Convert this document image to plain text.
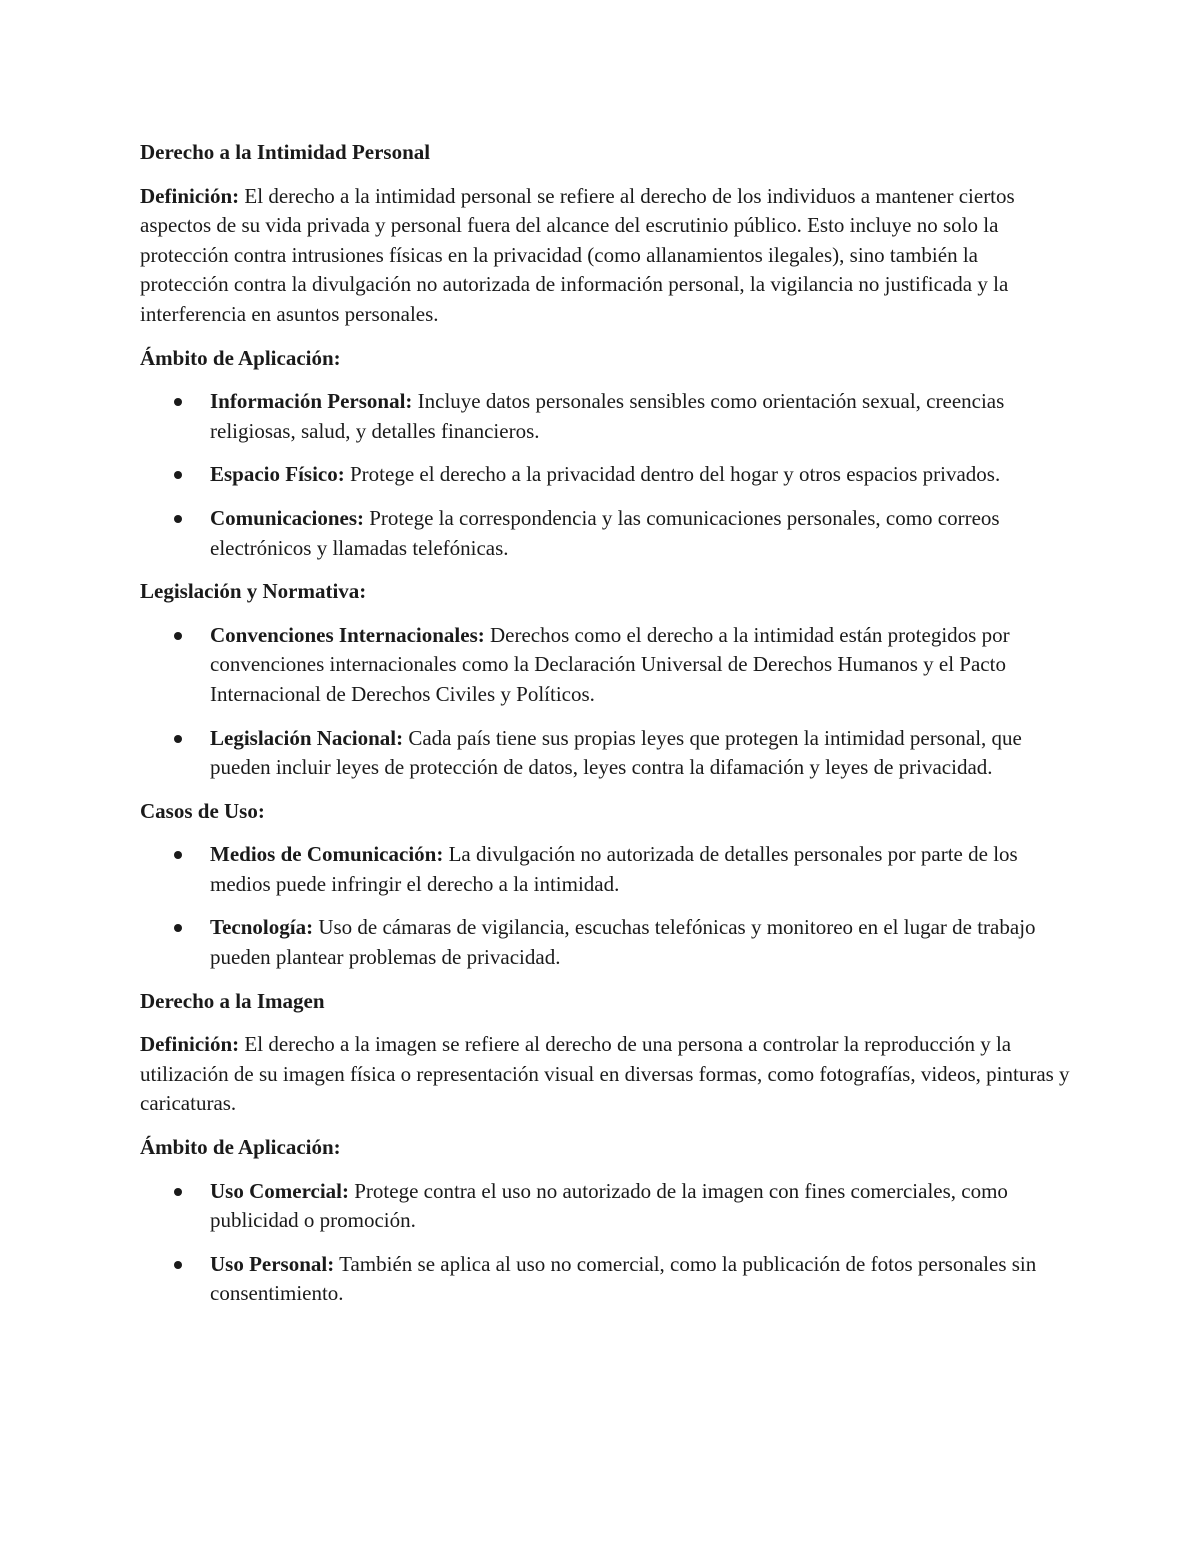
Derecho a la Intimidad Personal

Definición: El derecho a la intimidad personal se refiere al derecho de los individuos a mantener ciertos aspectos de su vida privada y personal fuera del alcance del escrutinio público. Esto incluye no solo la protección contra intrusiones físicas en la privacidad (como allanamientos ilegales), sino también la protección contra la divulgación no autorizada de información personal, la vigilancia no justificada y la interferencia en asuntos personales.

Ámbito de Aplicación:

Información Personal: Incluye datos personales sensibles como orientación sexual, creencias religiosas, salud, y detalles financieros.
Espacio Físico: Protege el derecho a la privacidad dentro del hogar y otros espacios privados.
Comunicaciones: Protege la correspondencia y las comunicaciones personales, como correos electrónicos y llamadas telefónicas.

Legislación y Normativa:

Convenciones Internacionales: Derechos como el derecho a la intimidad están protegidos por convenciones internacionales como la Declaración Universal de Derechos Humanos y el Pacto Internacional de Derechos Civiles y Políticos.
Legislación Nacional: Cada país tiene sus propias leyes que protegen la intimidad personal, que pueden incluir leyes de protección de datos, leyes contra la difamación y leyes de privacidad.

Casos de Uso:

Medios de Comunicación: La divulgación no autorizada de detalles personales por parte de los medios puede infringir el derecho a la intimidad.
Tecnología: Uso de cámaras de vigilancia, escuchas telefónicas y monitoreo en el lugar de trabajo pueden plantear problemas de privacidad.

Derecho a la Imagen

Definición: El derecho a la imagen se refiere al derecho de una persona a controlar la reproducción y la utilización de su imagen física o representación visual en diversas formas, como fotografías, videos, pinturas y caricaturas.

Ámbito de Aplicación:

Uso Comercial: Protege contra el uso no autorizado de la imagen con fines comerciales, como publicidad o promoción.
Uso Personal: También se aplica al uso no comercial, como la publicación de fotos personales sin consentimiento.
